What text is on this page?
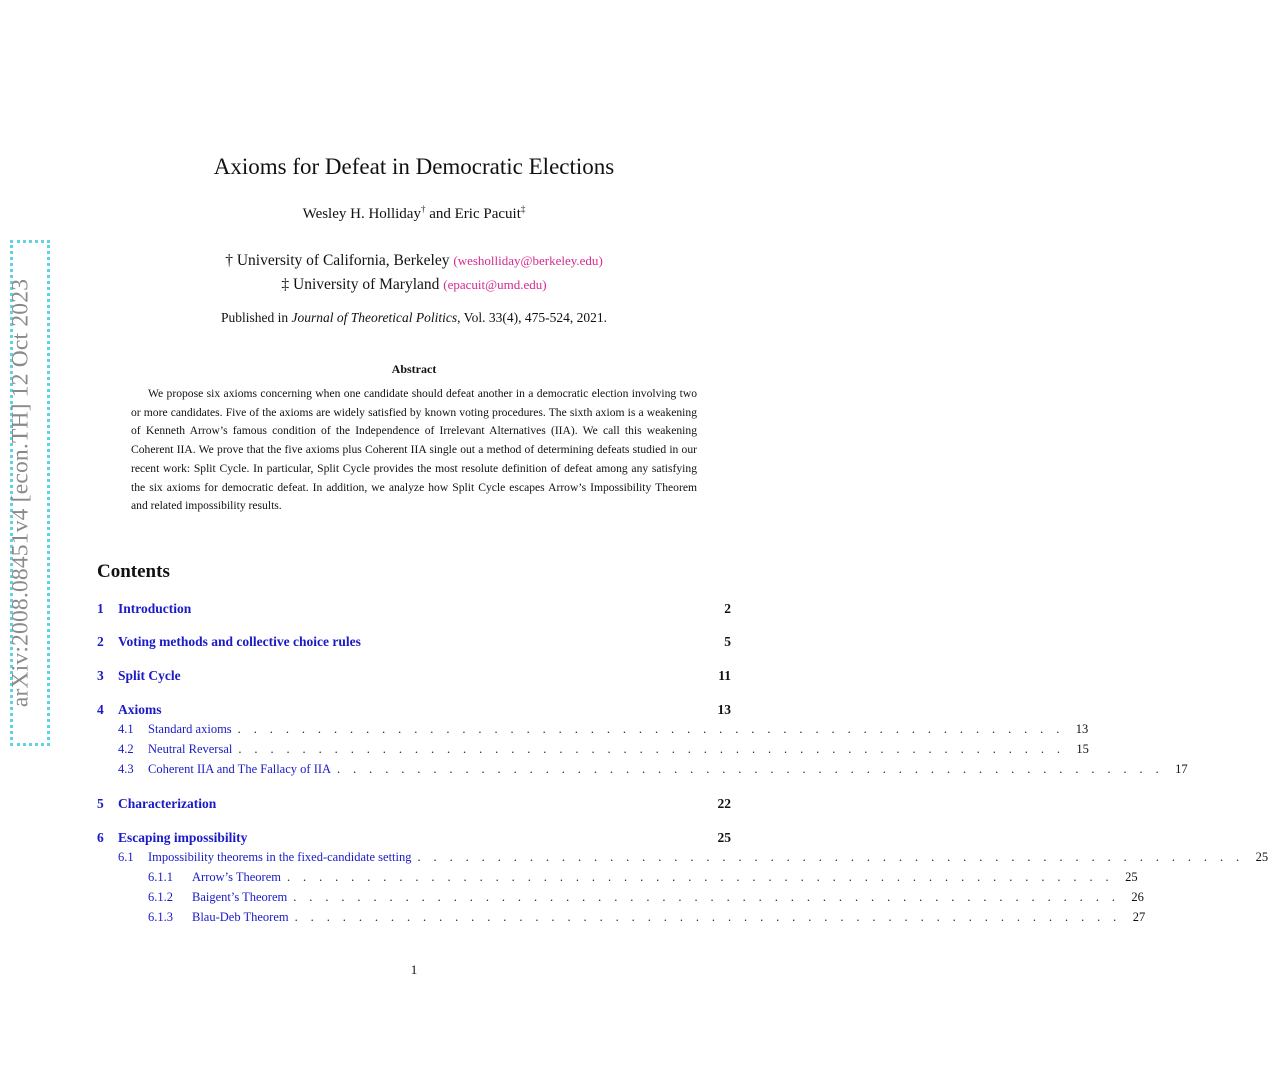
arXiv:2008.08451v4 [econ.TH] 12 Oct 2023
Axioms for Defeat in Democratic Elections
Wesley H. Holliday† and Eric Pacuit‡
† University of California, Berkeley (wesholliday@berkeley.edu)
‡ University of Maryland (epacuit@umd.edu)
Published in Journal of Theoretical Politics, Vol. 33(4), 475-524, 2021.
Abstract
We propose six axioms concerning when one candidate should defeat another in a democratic election involving two or more candidates. Five of the axioms are widely satisfied by known voting procedures. The sixth axiom is a weakening of Kenneth Arrow’s famous condition of the Independence of Irrelevant Alternatives (IIA). We call this weakening Coherent IIA. We prove that the five axioms plus Coherent IIA single out a method of determining defeats studied in our recent work: Split Cycle. In particular, Split Cycle provides the most resolute definition of defeat among any satisfying the six axioms for democratic defeat. In addition, we analyze how Split Cycle escapes Arrow’s Impossibility Theorem and related impossibility results.
Contents
1 Introduction	2
2 Voting methods and collective choice rules	5
3 Split Cycle	11
4 Axioms	13
4.1	Standard axioms . . . . . . . . . . . . . . . . . . . . . . . . . . . . . . . . . . . . . . . . . . . . . . . . . . . . 13
4.2	Neutral Reversal . . . . . . . . . . . . . . . . . . . . . . . . . . . . . . . . . . . . . . . . . . . . . . . . . . . . 15
4.3	Coherent IIA and The Fallacy of IIA . . . . . . . . . . . . . . . . . . . . . . . . . . . . . . . . . . . . . . . . . . . . . . . . . . . . 17
5 Characterization	22
6 Escaping impossibility	25
6.1	Impossibility theorems in the fixed-candidate setting . . . . . . . . . . . . . . . . . . . . . . . . . . . . . . . . . . . . . . . . . . . . . . . . . . . . 25
6.1.1	Arrow’s Theorem . . . . . . . . . . . . . . . . . . . . . . . . . . . . . . . . . . . . . . . . . . . . . . . . . . . . 25
6.1.2	Baigent’s Theorem . . . . . . . . . . . . . . . . . . . . . . . . . . . . . . . . . . . . . . . . . . . . . . . . . . . . 26
6.1.3	Blau-Deb Theorem . . . . . . . . . . . . . . . . . . . . . . . . . . . . . . . . . . . . . . . . . . . . . . . . . . . . 27
1
